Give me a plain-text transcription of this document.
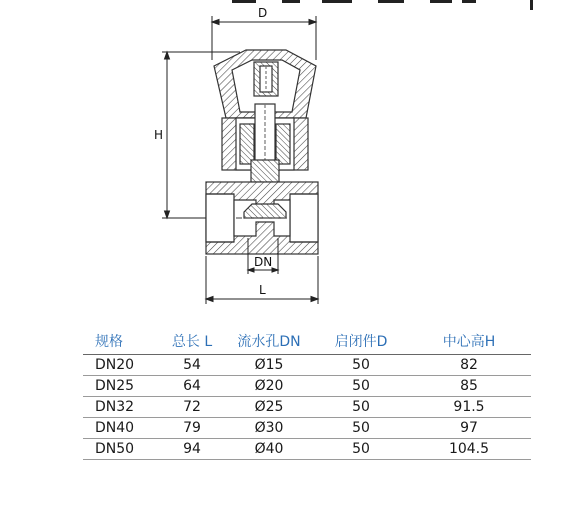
D
H
DN
L
规格	总长 L	流水孔DN	启闭件D	中心高H
DN20	54	Ø15	50	82
DN25	64	Ø20	50	85
DN32	72	Ø25	50	91.5
DN40	79	Ø30	50	97
DN50	94	Ø40	50	104.5
